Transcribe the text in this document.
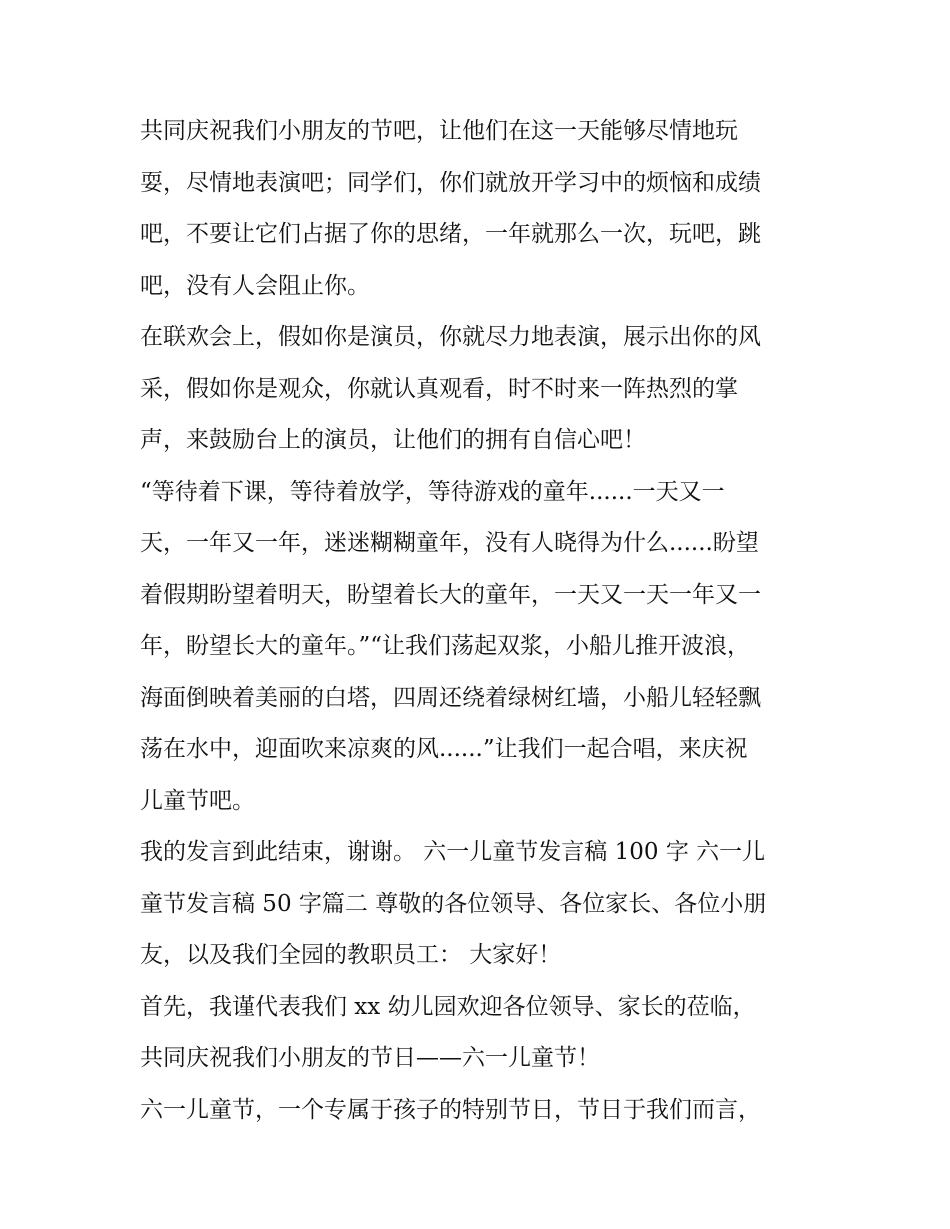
共同庆祝我们小朋友的节吧，让他们在这一天能够尽情地玩
耍，尽情地表演吧；同学们，你们就放开学习中的烦恼和成绩
吧，不要让它们占据了你的思绪，一年就那么一次，玩吧，跳
吧，没有人会阻止你。
在联欢会上，假如你是演员，你就尽力地表演，展示出你的风
采，假如你是观众，你就认真观看，时不时来一阵热烈的掌
声，来鼓励台上的演员，让他们的拥有自信心吧！
“等待着下课，等待着放学，等待游戏的童年......一天又一
天，一年又一年，迷迷糊糊童年，没有人晓得为什么......盼望
着假期盼望着明天，盼望着长大的童年，一天又一天一年又一
年，盼望长大的童年。”“让我们荡起双浆，小船儿推开波浪，
海面倒映着美丽的白塔，四周还绕着绿树红墙，小船儿轻轻飘
荡在水中，迎面吹来凉爽的风......”让我们一起合唱，来庆祝
儿童节吧。
我的发言到此结束，谢谢。 六一儿童节发言稿 100 字 六一儿
童节发言稿 50 字篇二 尊敬的各位领导、各位家长、各位小朋
友，以及我们全园的教职员工： 大家好！
首先，我谨代表我们 xx 幼儿园欢迎各位领导、家长的莅临，
共同庆祝我们小朋友的节日——六一儿童节！
六一儿童节，一个专属于孩子的特别节日，节日于我们而言，
